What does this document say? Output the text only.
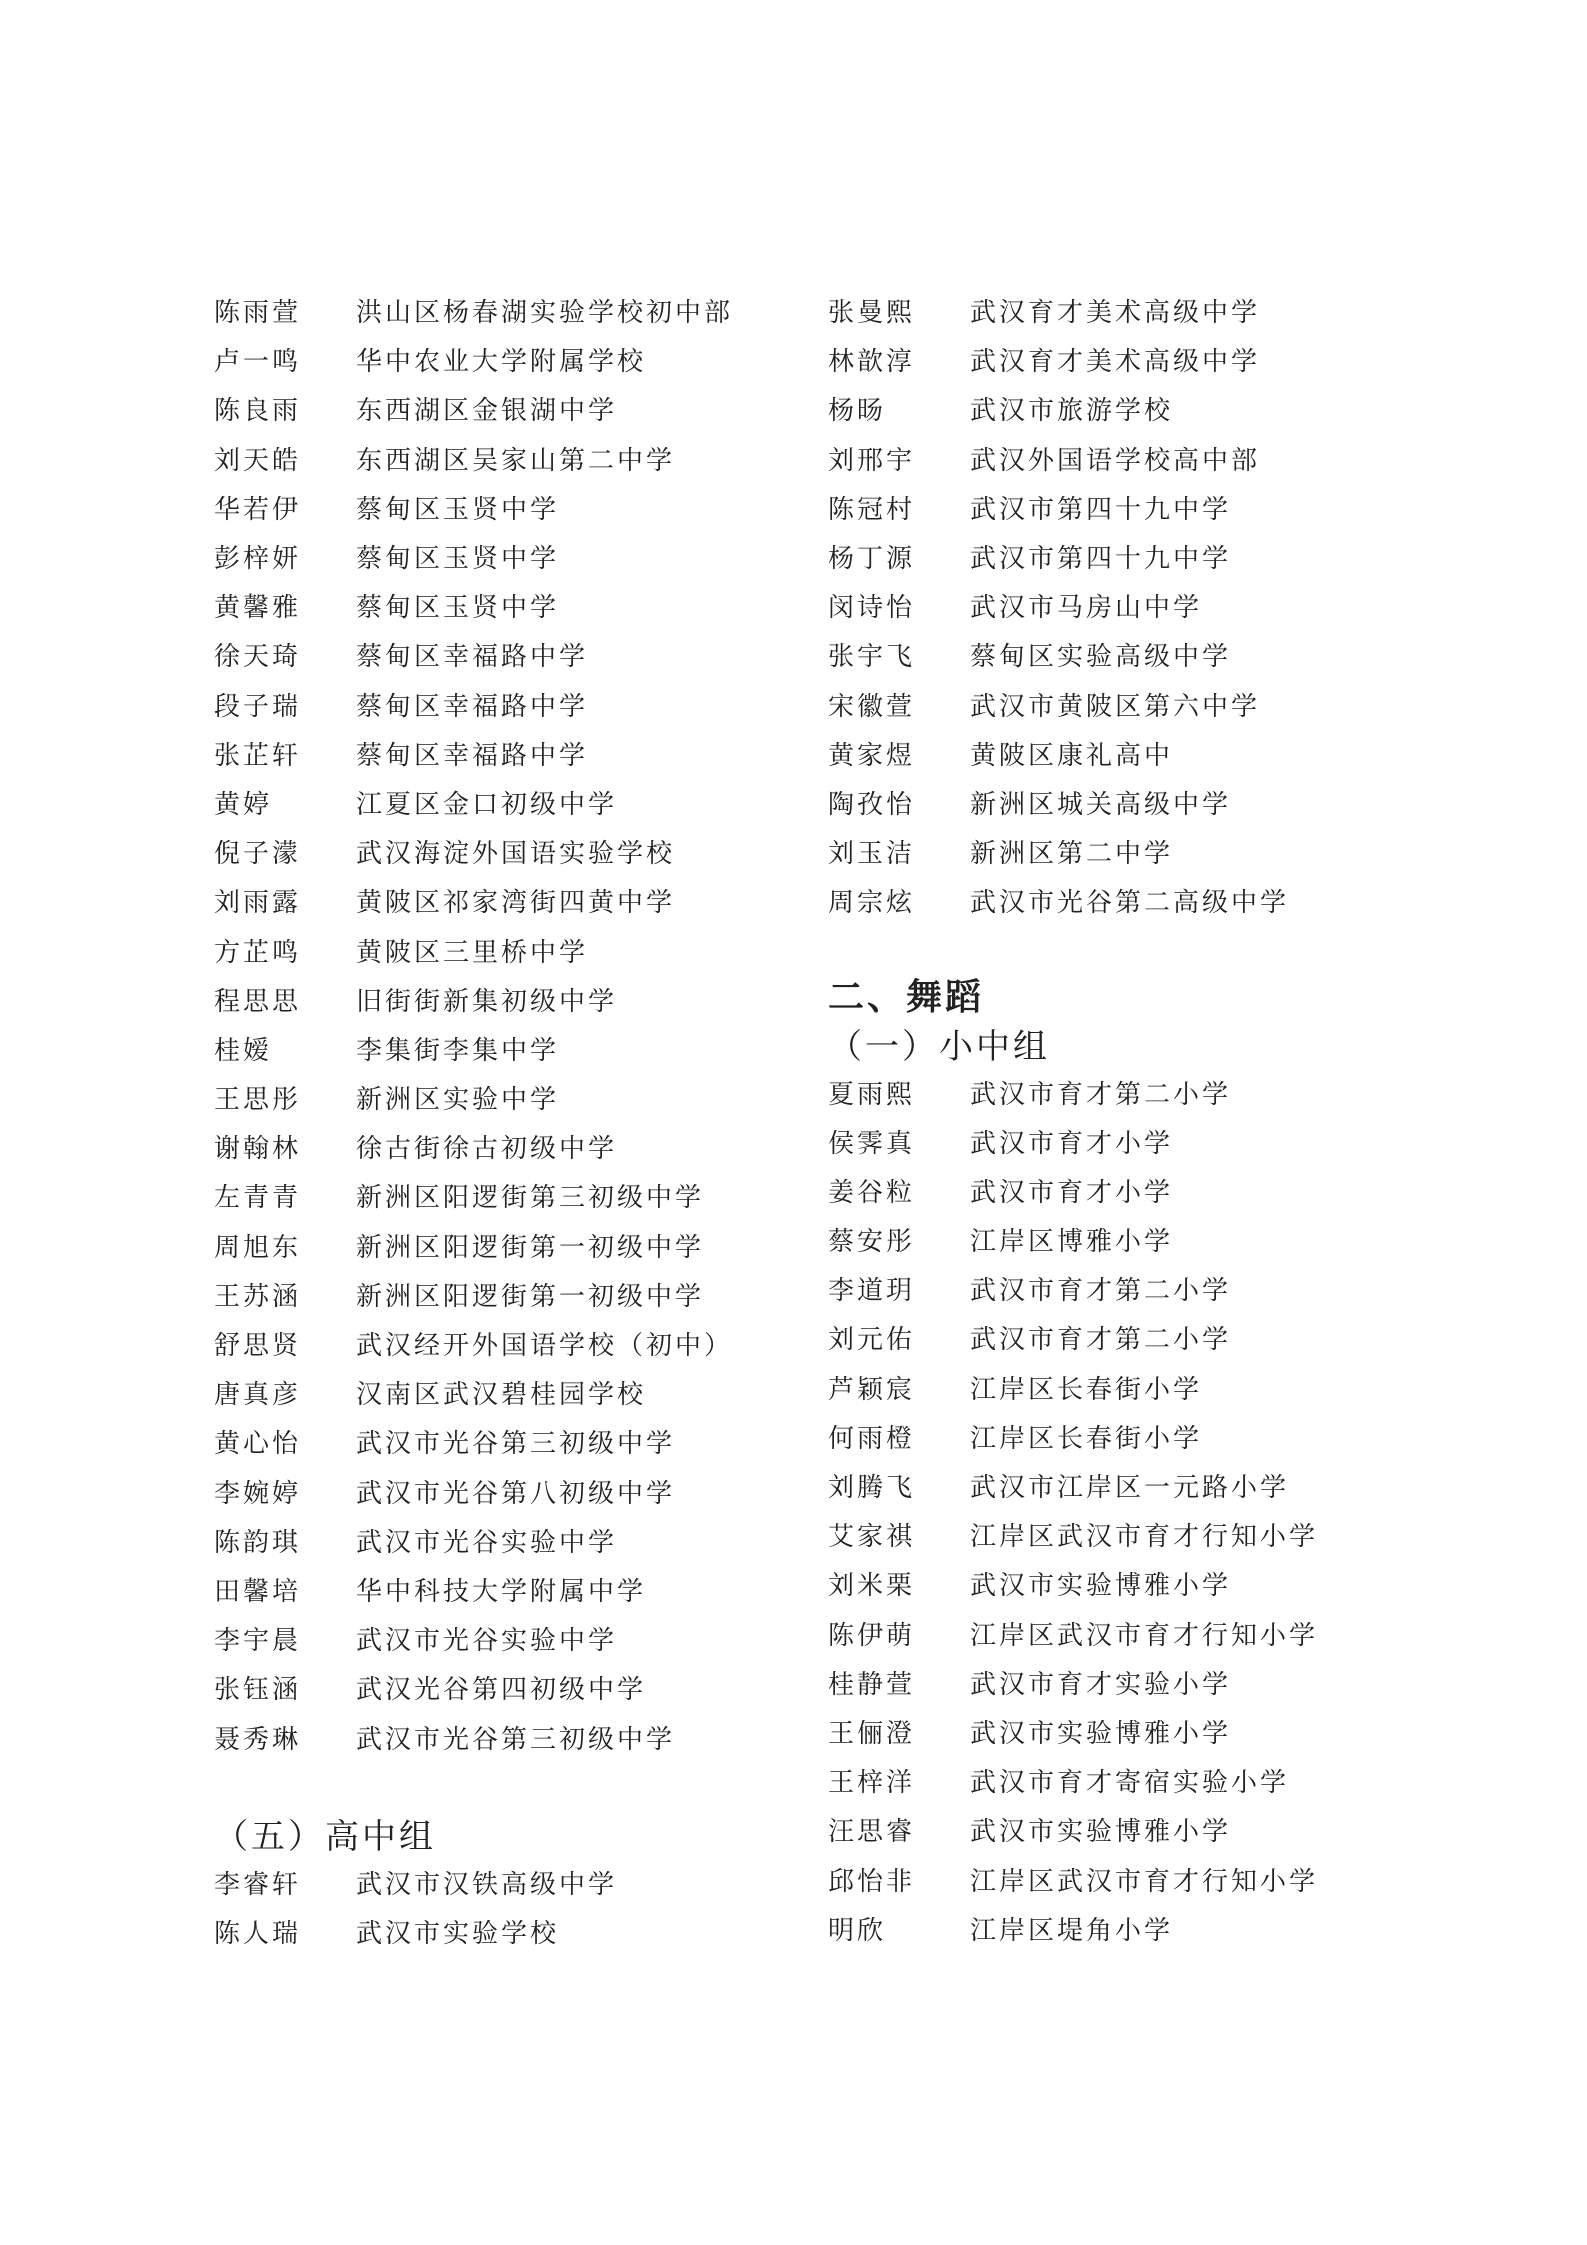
陈雨萱	洪山区杨春湖实验学校初中部
卢一鸣	华中农业大学附属学校
陈良雨	东西湖区金银湖中学
刘天皓	东西湖区吴家山第二中学
华若伊	蔡甸区玉贤中学
彭梓妍	蔡甸区玉贤中学
黄馨雅	蔡甸区玉贤中学
徐天琦	蔡甸区幸福路中学
段子瑞	蔡甸区幸福路中学
张芷轩	蔡甸区幸福路中学
黄婷	江夏区金口初级中学
倪子濛	武汉海淀外国语实验学校
刘雨露	黄陂区祁家湾街四黄中学
方芷鸣	黄陂区三里桥中学
程思思	旧街街新集初级中学
桂嫒	李集街李集中学
王思彤	新洲区实验中学
谢翰林	徐古街徐古初级中学
左青青	新洲区阳逻街第三初级中学
周旭东	新洲区阳逻街第一初级中学
王苏涵	新洲区阳逻街第一初级中学
舒思贤	武汉经开外国语学校（初中）
唐真彦	汉南区武汉碧桂园学校
黄心怡	武汉市光谷第三初级中学
李婉婷	武汉市光谷第八初级中学
陈韵琪	武汉市光谷实验中学
田馨培	华中科技大学附属中学
李宇晨	武汉市光谷实验中学
张钰涵	武汉光谷第四初级中学
聂秀琳	武汉市光谷第三初级中学
（五）高中组
李睿轩	武汉市汉铁高级中学
陈人瑞	武汉市实验学校
张曼熙	武汉育才美术高级中学
林歆淳	武汉育才美术高级中学
杨旸	武汉市旅游学校
刘邢宇	武汉外国语学校高中部
陈冠村	武汉市第四十九中学
杨丁源	武汉市第四十九中学
闵诗怡	武汉市马房山中学
张宇飞	蔡甸区实验高级中学
宋徽萱	武汉市黄陂区第六中学
黄家煜	黄陂区康礼高中
陶孜怡	新洲区城关高级中学
刘玉洁	新洲区第二中学
周宗炫	武汉市光谷第二高级中学
二、舞蹈
（一）小中组
夏雨熙	武汉市育才第二小学
侯霁真	武汉市育才小学
姜谷粒	武汉市育才小学
蔡安彤	江岸区博雅小学
李道玥	武汉市育才第二小学
刘元佑	武汉市育才第二小学
芦颖宸	江岸区长春街小学
何雨橙	江岸区长春街小学
刘腾飞	武汉市江岸区一元路小学
艾家祺	江岸区武汉市育才行知小学
刘米栗	武汉市实验博雅小学
陈伊萌	江岸区武汉市育才行知小学
桂静萱	武汉市育才实验小学
王俪澄	武汉市实验博雅小学
王梓洋	武汉市育才寄宿实验小学
汪思睿	武汉市实验博雅小学
邱怡非	江岸区武汉市育才行知小学
明欣	江岸区堤角小学
